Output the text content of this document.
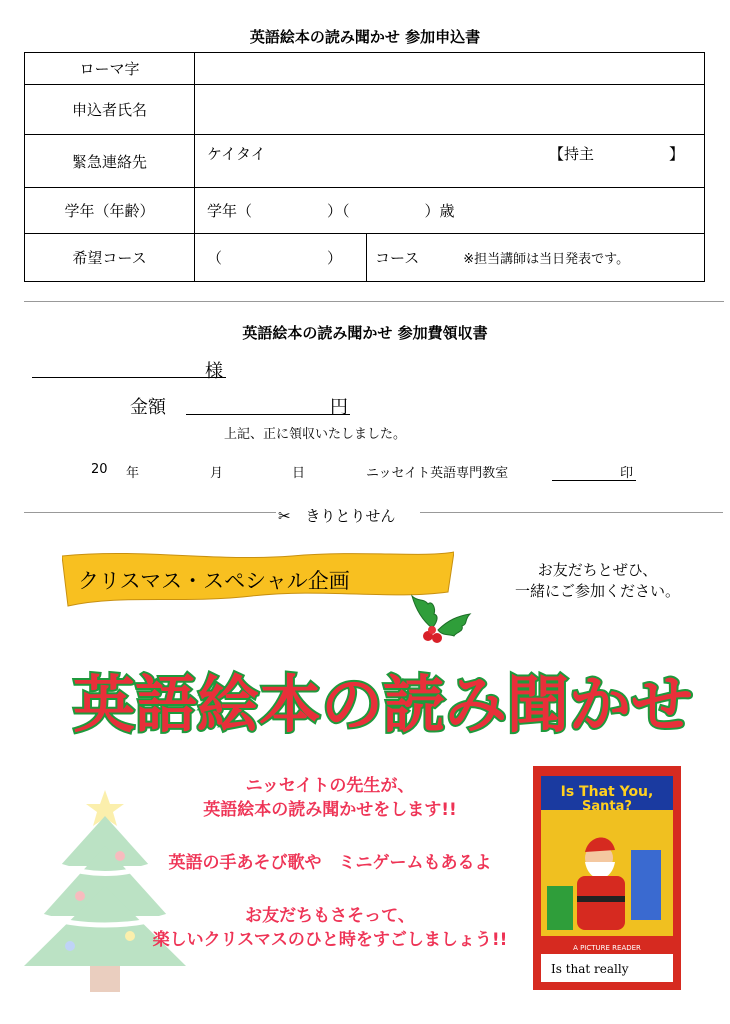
英語絵本の読み聞かせ 参加申込書
ローマ字		
申込者氏名		
緊急連絡先	ケイタイ 【持主　　　　　】	

学年（年齢）	学年（　　　　　）（　　　　　）歳	
希望コース	（　　　　　　　）	コース ※担当講師は当日発表です。
英語絵本の読み聞かせ 参加費領収書
様
金額	円
上記、正に領収いたしました。
20 年	月	日	ニッセイト英語専門教室	印
✂ きりとりせん
クリスマス・スペシャル企画	お友だちとぜひ、
一緒にご参加ください。
英語絵本の読み聞かせ
ニッセイトの先生が、
英語絵本の読み聞かせをします!!
英語の手あそび歌や　ミニゲームもあるよ
お友だちもさそって、
楽しいクリスマスのひと時をすごしましょう!!
Is That You,
Santa?
A PICTURE READER
Is that really
